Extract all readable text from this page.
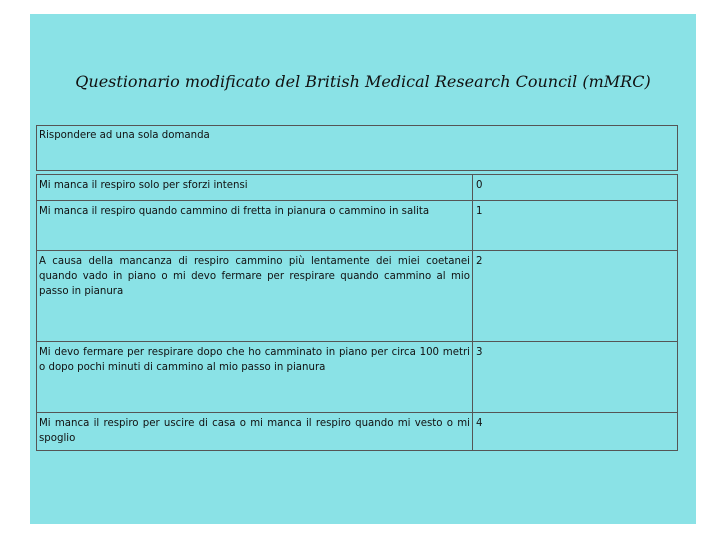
Questionario modificato del British Medical Research Council (mMRC)
Rispondere ad una sola domanda
Mi manca il respiro solo per sforzi intensi	0
Mi manca il respiro quando cammino di fretta in pianura o cammino in salita	1
A causa della mancanza di respiro cammino più lentamente dei miei coetanei quando vado in piano o mi devo fermare per respirare quando cammino al mio passo in pianura
2
Mi devo fermare per respirare dopo che ho camminato in piano per circa 100 metri o dopo pochi minuti di cammino al mio passo in pianura
3
Mi manca il respiro per uscire di casa o mi manca il respiro quando mi vesto o mi spoglio
4
